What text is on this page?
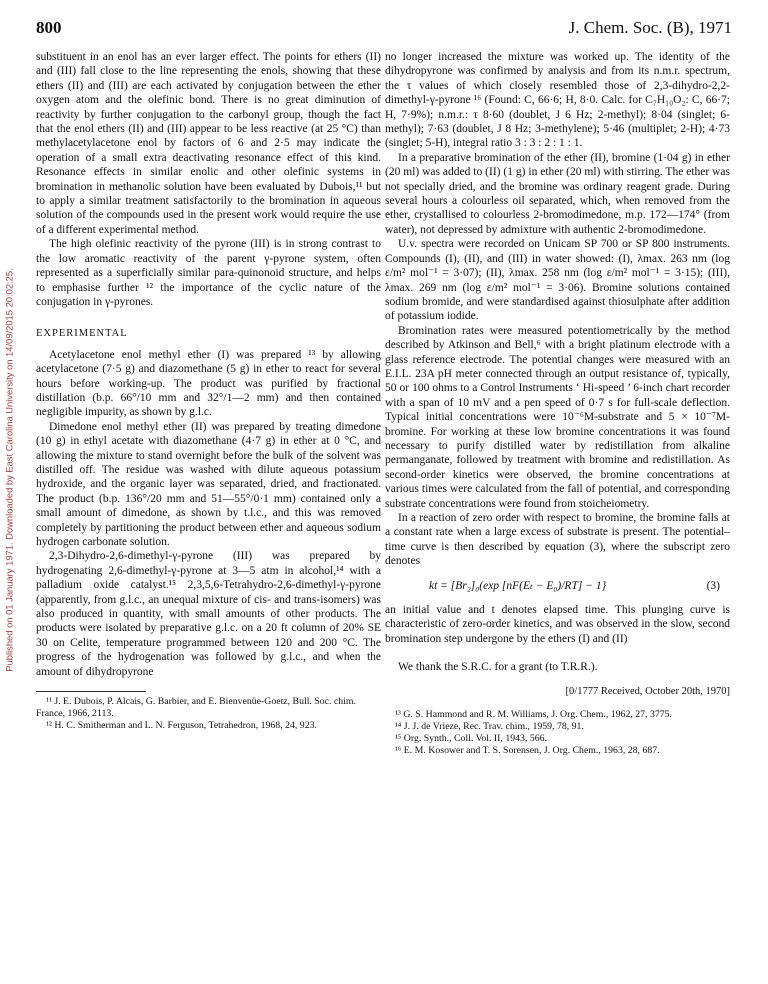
Published on 01 January 1971. Downloaded by East Carolina University on 14/09/2015 20:02:25.
800	J. Chem. Soc. (B), 1971

substituent in an enol has an ever larger effect. The points for ethers (II) and (III) fall close to the line representing the enols, showing that these ethers (II) and (III) are each activated by conjugation between the ether oxygen atom and the olefinic bond. There is no great diminution of reactivity by further conjugation to the carbonyl group, though the fact that the enol ethers (II) and (III) appear to be less reactive (at 25 °C) than methylacetylacetone enol by factors of 6 and 2·5 may indicate the operation of a small extra deactivating resonance effect of this kind. Resonance effects in similar enolic and other olefinic systems in bromination in methanolic solution have been evaluated by Dubois,¹¹ but to apply a similar treatment satisfactorily to the bromination in aqueous solution of the compounds used in the present work would require the use of a different experimental method.

The high olefinic reactivity of the pyrone (III) is in strong contrast to the low aromatic reactivity of the parent γ-pyrone system, often represented as a superficially similar para-quinonoid structure, and helps to emphasise further ¹² the importance of the cyclic nature of the conjugation in γ-pyrones.

EXPERIMENTAL

Acetylacetone enol methyl ether (I) was prepared ¹³ by allowing acetylacetone (7·5 g) and diazomethane (5 g) in ether to react for several hours before working-up. The product was purified by fractional distillation (b.p. 66°/10 mm and 32°/1—2 mm) and then contained negligible impurity, as shown by g.l.c.

Dimedone enol methyl ether (II) was prepared by treating dimedone (10 g) in ethyl acetate with diazomethane (4·7 g) in ether at 0 °C, and allowing the mixture to stand overnight before the bulk of the solvent was distilled off. The residue was washed with dilute aqueous potassium hydroxide, and the organic layer was separated, dried, and fractionated. The product (b.p. 136°/20 mm and 51—55°/0·1 mm) contained only a small amount of dimedone, as shown by t.l.c., and this was removed completely by partitioning the product between ether and aqueous sodium hydrogen carbonate solution.

2,3-Dihydro-2,6-dimethyl-γ-pyrone (III) was prepared by hydrogenating 2,6-dimethyl-γ-pyrone at 3—5 atm in alcohol,¹⁴ with a palladium oxide catalyst.¹⁵ 2,3,5,6-Tetrahydro-2,6-dimethyl-γ-pyrone (apparently, from g.l.c., an unequal mixture of cis- and trans-isomers) was also produced in quantity, with small amounts of other products. The products were isolated by preparative g.l.c. on a 20 ft column of 20% SE 30 on Celite, temperature programmed between 120 and 200 °C. The progress of the hydrogenation was followed by g.l.c., and when the amount of dihydropyrone

¹¹ J. E. Dubois, P. Alcais, G. Barbier, and E. Bienvenüe-Goetz, Bull. Soc. chim. France, 1966, 2113.

¹² H. C. Smitherman and L. N. Ferguson, Tetrahedron, 1968, 24, 923.

no longer increased the mixture was worked up. The identity of the dihydropyrone was confirmed by analysis and from its n.m.r. spectrum, the τ values of which closely resembled those of 2,3-dihydro-2,2-dimethyl-γ-pyrone ¹⁶ (Found: C, 66·6; H, 8·0. Calc. for C₇H₁₀O₂: C, 66·7; H, 7·9%); n.m.r.: τ 8·60 (doublet, J 6 Hz; 2-methyl); 8·04 (singlet; 6-methyl); 7·63 (doublet, J 8 Hz; 3-methylene); 5·46 (multiplet; 2-H); 4·73 (singlet; 5-H), integral ratio 3 : 3 : 2 : 1 : 1.

In a preparative bromination of the ether (II), bromine (1·04 g) in ether (20 ml) was added to (II) (1 g) in ether (20 ml) with stirring. The ether was not specially dried, and the bromine was ordinary reagent grade. During several hours a colourless oil separated, which, when removed from the ether, crystallised to colourless 2-bromodimedone, m.p. 172—174° (from water), not depressed by admixture with authentic 2-bromodimedone.

U.v. spectra were recorded on Unicam SP 700 or SP 800 instruments. Compounds (I), (II), and (III) in water showed: (I), λmax. 263 nm (log ε/m² mol⁻¹ = 3·07); (II), λmax. 258 nm (log ε/m² mol⁻¹ = 3·15); (III), λmax. 269 nm (log ε/m² mol⁻¹ = 3·06). Bromine solutions contained sodium bromide, and were standardised against thiosulphate after addition of potassium iodide.

Bromination rates were measured potentiometrically by the method described by Atkinson and Bell,⁶ with a bright platinum electrode with a glass reference electrode. The potential changes were measured with an E.I.L. 23A pH meter connected through an output resistance of, typically, 50 or 100 ohms to a Control Instruments ‘ Hi-speed ’ 6-inch chart recorder with a span of 10 mV and a pen speed of 0·7 s for full-scale deflection. Typical initial concentrations were 10⁻⁶M-substrate and 5 × 10⁻⁷M-bromine. For working at these low bromine concentrations it was found necessary to purify distilled water by redistillation from alkaline permanganate, followed by treatment with bromine and redistillation. As second-order kinetics were observed, the bromine concentrations at various times were calculated from the fall of potential, and corresponding substrate concentrations were found from stoicheiometry.

In a reaction of zero order with respect to bromine, the bromine falls at a constant rate when a large excess of substrate is present. The potential–time curve is then described by equation (3), where the subscript zero denotes

kt = [Br₂]₀(exp [nF(Eₜ − E₀)/RT] − 1}	(3)

an initial value and t denotes elapsed time. This plunging curve is characteristic of zero-order kinetics, and was observed in the slow, second bromination step undergone by the ethers (I) and (II)

We thank the S.R.C. for a grant (to T.R.R.).

[0/1777 Received, October 20th, 1970]

¹³ G. S. Hammond and R. M. Williams, J. Org. Chem., 1962, 27, 3775.

¹⁴ J. J. de Vrieze, Rec. Trav. chim., 1959, 78, 91.

¹⁵ Org. Synth., Coll. Vol. II, 1943, 566.

¹⁶ E. M. Kosower and T. S. Sorensen, J. Org. Chem., 1963, 28, 687.
